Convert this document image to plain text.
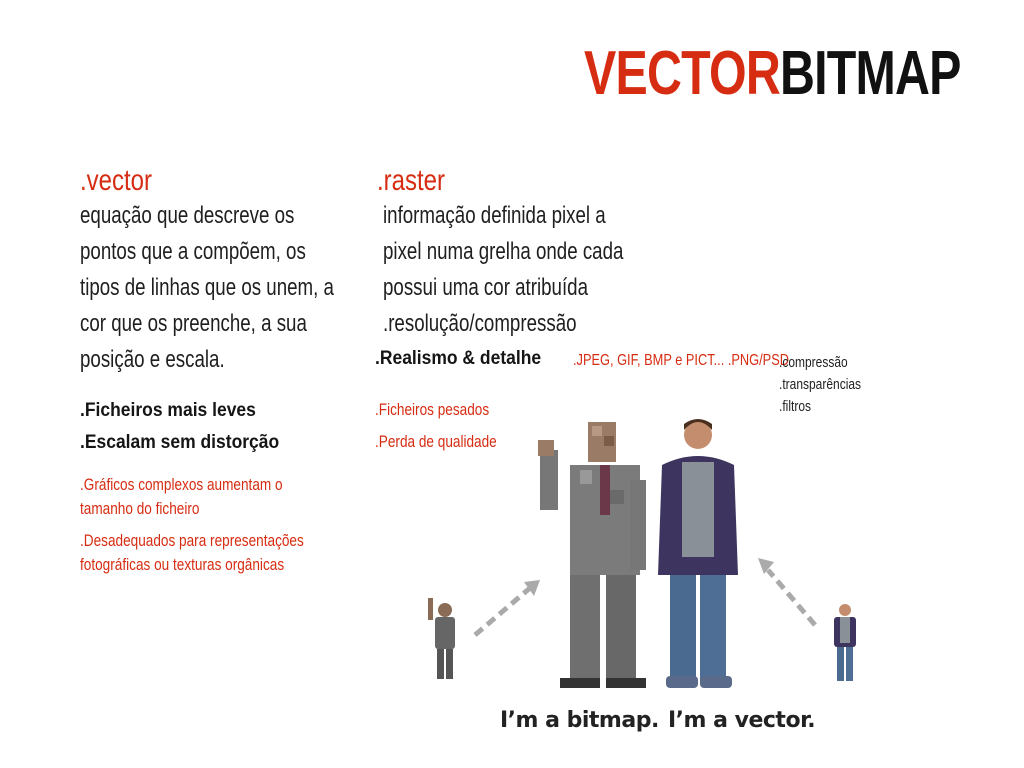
VECTORBITMAP
.vector
equação que descreve os
pontos que a compõem, os
tipos de linhas que os unem, a
cor que os preenche, a sua
posição e escala.
.Ficheiros mais leves
.Escalam sem distorção
.Gráficos complexos aumentam o
tamanho do ficheiro
.Desadequados para representações
fotográficas ou texturas orgânicas
.raster
informação definida pixel a
pixel numa grelha onde cada
possui uma cor atribuída
.resolução/compressão
.Realismo & detalhe .JPEG, GIF, BMP e PICT... .PNG/PSD
.compressão
.transparências
.filtros
.Ficheiros pesados
.Perda de qualidade
I’m a bitmap. I’m a vector.
